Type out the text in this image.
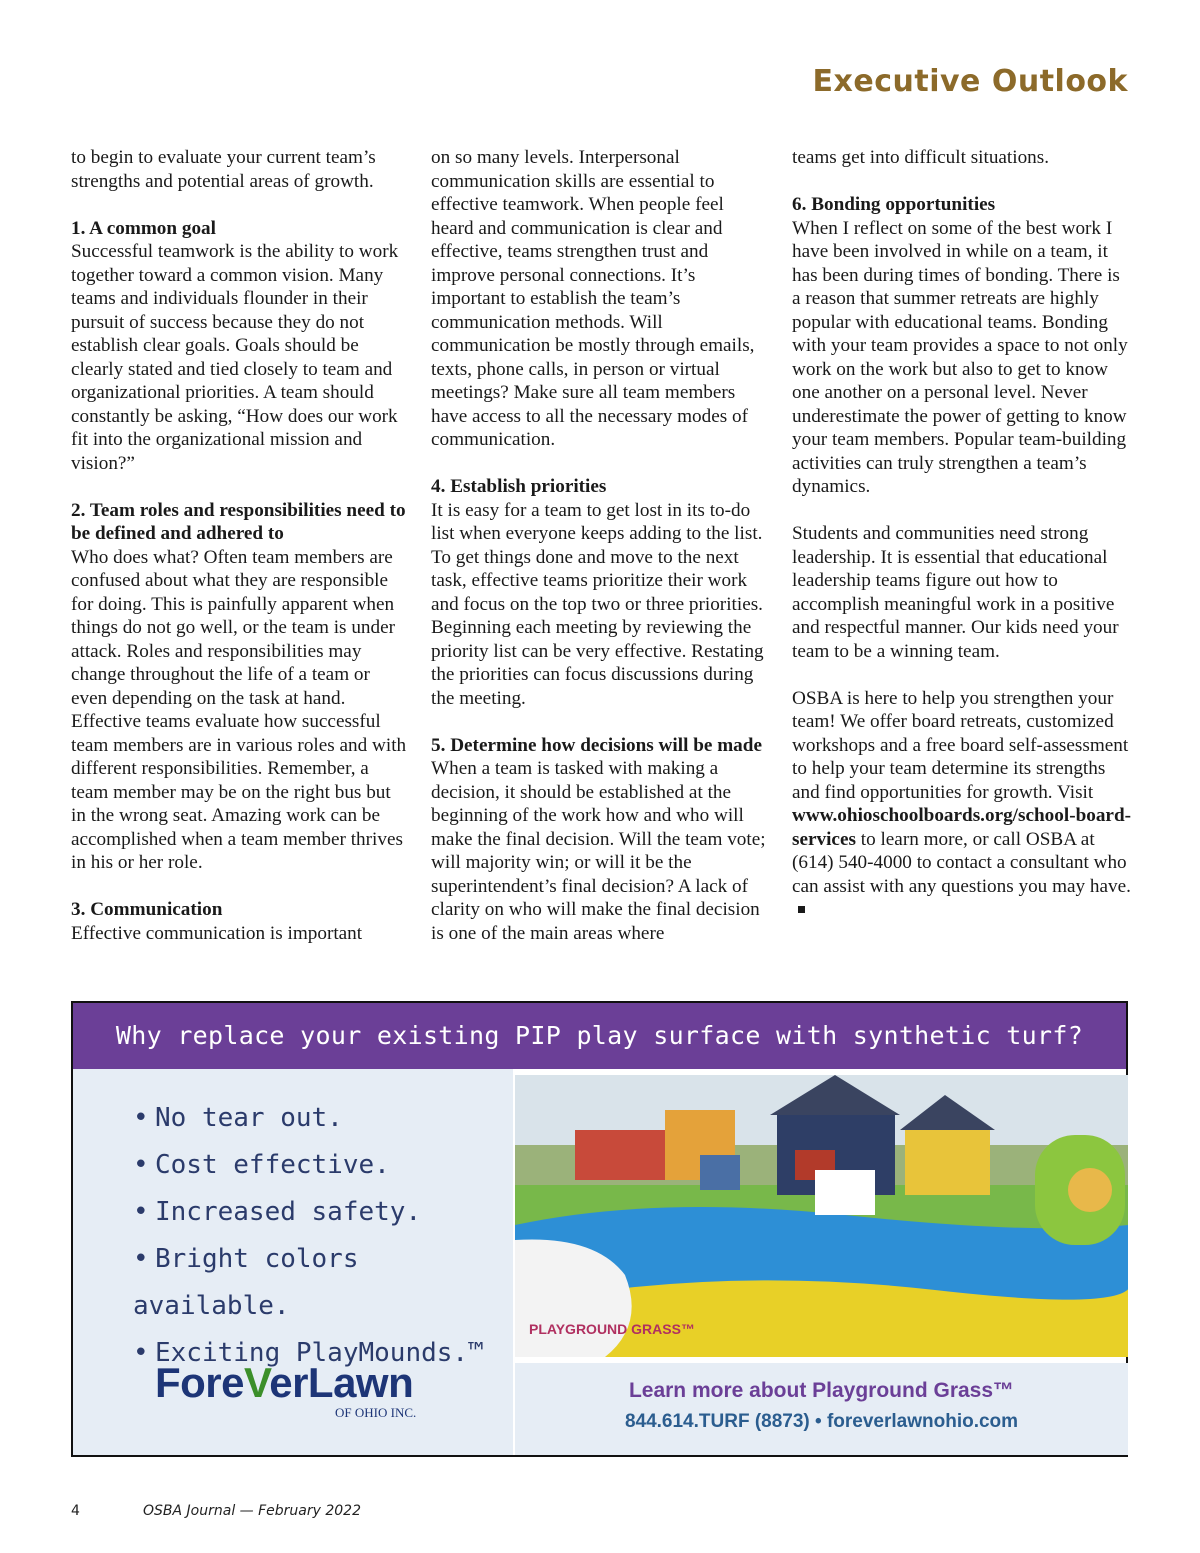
Executive Outlook

to begin to evaluate your current team’s strengths and potential areas of growth.

1. A common goal

Successful teamwork is the ability to work together toward a common vision. Many teams and individuals flounder in their pursuit of success because they do not establish clear goals. Goals should be clearly stated and tied closely to team and organizational priorities. A team should constantly be asking, “How does our work fit into the organizational mission and vision?”

2. Team roles and responsibilities need to be defined and adhered to

Who does what? Often team members are confused about what they are responsible for doing. This is painfully apparent when things do not go well, or the team is under attack. Roles and responsibilities may change throughout the life of a team or even depending on the task at hand. Effective teams evaluate how successful team members are in various roles and with different responsibilities. Remember, a team member may be on the right bus but in the wrong seat. Amazing work can be accomplished when a team member thrives in his or her role.

3. Communication

Effective communication is important

on so many levels. Interpersonal communication skills are essential to effective teamwork. When people feel heard and communication is clear and effective, teams strengthen trust and improve personal connections. It’s important to establish the team’s communication methods. Will communication be mostly through emails, texts, phone calls, in person or virtual meetings? Make sure all team members have access to all the necessary modes of communication.

4. Establish priorities

It is easy for a team to get lost in its to-do list when everyone keeps adding to the list. To get things done and move to the next task, effective teams prioritize their work and focus on the top two or three priorities. Beginning each meeting by reviewing the priority list can be very effective. Restating the priorities can focus discussions during the meeting.

5. Determine how decisions will be made

When a team is tasked with making a decision, it should be established at the beginning of the work how and who will make the final decision. Will the team vote; will majority win; or will it be the superintendent’s final decision? A lack of clarity on who will make the final decision is one of the main areas where

teams get into difficult situations.

6. Bonding opportunities

When I reflect on some of the best work I have been involved in while on a team, it has been during times of bonding. There is a reason that summer retreats are highly popular with educational teams. Bonding with your team provides a space to not only work on the work but also to get to know one another on a personal level. Never underestimate the power of getting to know your team members. Popular team-building activities can truly strengthen a team’s dynamics.

Students and communities need strong leadership. It is essential that educational leadership teams figure out how to accomplish meaningful work in a positive and respectful manner. Our kids need your team to be a winning team.

OSBA is here to help you strengthen your team! We offer board retreats, customized workshops and a free board self-assessment to help your team determine its strengths and find opportunities for growth. Visit www.ohioschoolboards.org/school-board-services to learn more, or call OSBA at (614) 540-4000 to contact a consultant who can assist with any questions you may have.

Why replace your existing PIP play surface with synthetic turf?
• No tear out.
• Cost effective.
• Increased safety.
• Bright colors available.
• Exciting PlayMounds.™
ForeVerLawn
OF OHIO INC.
PLAYGROUND GRASS™
Learn more about Playground Grass™
844.614.TURF (8873) • foreverlawnohio.com
4	OSBA Journal — February 2022
